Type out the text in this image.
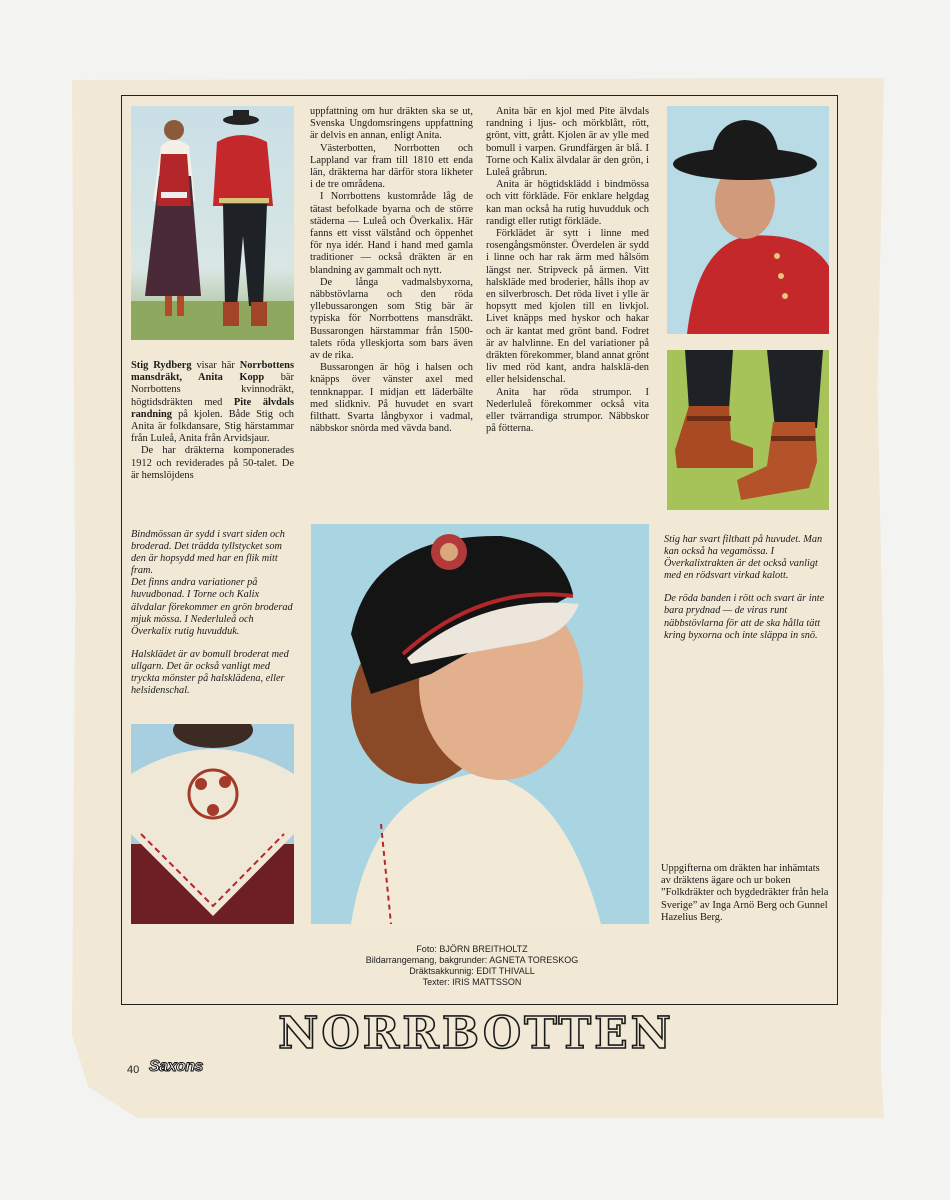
Stig Rydberg visar här Norrbottens mansdräkt, Anita Kopp bär Norrbottens kvinnodräkt, högtidsdräkten med Pite älvdals randning på kjolen. Både Stig och Anita är folkdansare, Stig härstammar från Luleå, Anita från Arvidsjaur.

De har dräkterna komponerades 1912 och reviderades på 50-talet. De är hemslöjdens

uppfattning om hur dräkten ska se ut, Svenska Ungdomsringens uppfattning är delvis en annan, enligt Anita.

Västerbotten, Norrbotten och Lappland var fram till 1810 ett enda län, dräkterna har därför stora likheter i de tre områdena.

I Norrbottens kustområde låg de tätast befolkade byarna och de större städerna — Luleå och Överkalix. Här fanns ett visst välstånd och öppenhet för nya idér. Hand i hand med gamla traditioner — också dräkten är en blandning av gammalt och nytt.

De långa vadmalsbyxorna, näbbstövlarna och den röda yllebussarongen som Stig bär är typiska för Norrbottens mansdräkt. Bussarongen härstammar från 1500-talets röda ylleskjorta som bars även av de rika.

Bussarongen är hög i halsen och knäpps över vänster axel med tennknappar. I midjan ett läderbälte med slidkniv. På huvudet en svart filthatt. Svarta långbyxor i vadmal, näbbskor snörda med vävda band.

Anita bär en kjol med Pite älvdals randning i ljus- och mörkblått, rött, grönt, vitt, grått. Kjolen är av ylle med bomull i varpen. Grundfärgen är blå. I Torne och Kalix älvdalar är den grön, i Luleå gråbrun.

Anita är högtidsklädd i bindmössa och vitt förkläde. För enklare helgdag kan man också ha rutig huvudduk och randigt eller rutigt förkläde.

Förklädet är sytt i linne med rosengångsmönster. Överdelen är sydd i linne och har rak ärm med hålsöm längst ner. Stripveck på ärmen. Vitt halskläde med broderier, hålls ihop av en silverbrosch. Det röda livet i ylle är hopsytt med kjolen till en livkjol. Livet knäpps med hyskor och hakar och är kantat med grönt band. Fodret är av halvlinne. En del variationer på dräkten förekommer, bland annat grönt liv med röd kant, andra halsklä-den eller helsidenschal.

Anita har röda strumpor. I Nederluleå förekommer också vita eller tvärrandiga strumpor. Näbbskor på fötterna.

Bindmössan är sydd i svart siden och broderad. Det trädda tyllstycket som den är hopsydd med har en flik mitt fram.
Det finns andra variationer på huvudbonad. I Torne och Kalix älvdalar förekommer en grön broderad mjuk mössa. I Nederluleå och Överkalix rutig huvudduk.

Halsklädet är av bomull broderat med ullgarn. Det är också vanligt med tryckta mönster på halsklädena, eller helsidenschal.

Stig har svart filthatt på huvudet. Man kan också ha vegamössa. I Överkalixtrakten är det också vanligt med en rödsvart virkad kalott.

De röda banden i rött och svart är inte bara prydnad — de viras runt näbbstövlarna för att de ska hålla tätt kring byxorna och inte släppa in snö.

Uppgifterna om dräkten har inhämtats av dräktens ägare och ur boken ”Folkdräkter och bygdedräkter från hela Sverige” av Inga Arnö Berg och Gunnel Hazelius Berg.

Foto: BJÖRN BREITHOLTZ
Bildarrangemang, bakgrunder: AGNETA TORESKOG
Dräktsakkunnig: EDIT THIVALL
Texter: IRIS MATTSSON
NORRBOTTEN
40 Saxons
